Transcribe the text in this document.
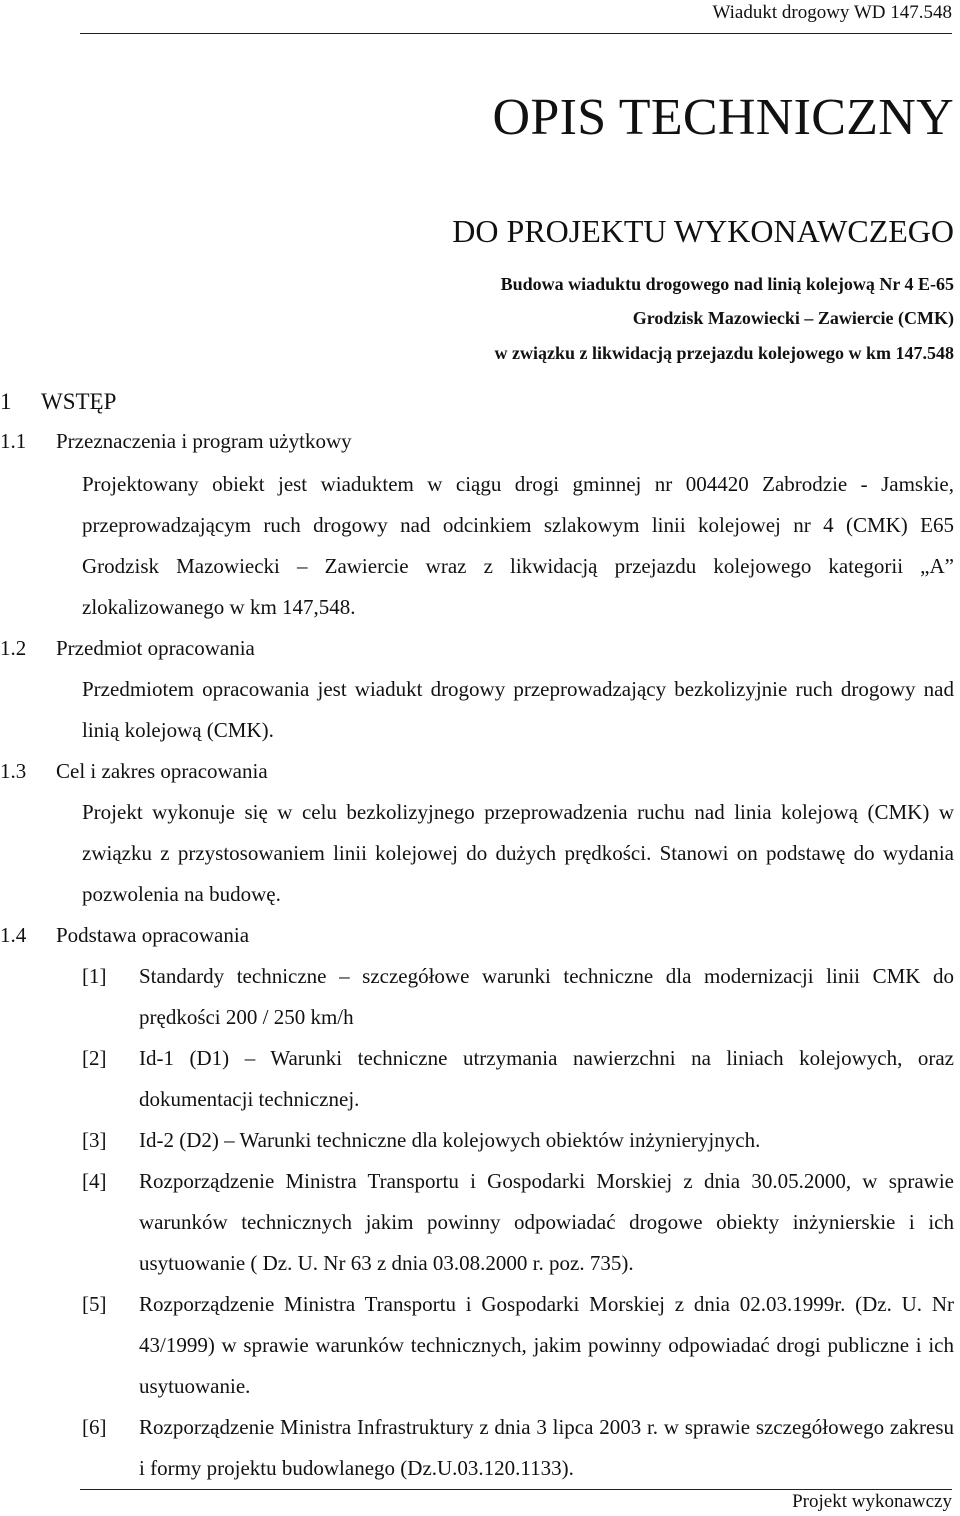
Wiadukt drogowy WD 147.548
OPIS TECHNICZNY
DO PROJEKTU WYKONAWCZEGO
Budowa wiaduktu drogowego nad linią kolejową Nr 4 E-65
Grodzisk Mazowiecki – Zawiercie (CMK)
w związku z likwidacją przejazdu kolejowego w km 147.548
1 WSTĘP
1.1 Przeznaczenia i program użytkowy
Projektowany obiekt jest wiaduktem w ciągu drogi gminnej nr 004420 Zabrodzie - Jamskie, przeprowadzającym ruch drogowy nad odcinkiem szlakowym linii kolejowej nr 4 (CMK) E65 Grodzisk Mazowiecki – Zawiercie wraz z likwidacją przejazdu kolejowego kategorii „A” zlokalizowanego w km 147,548.
1.2 Przedmiot opracowania
Przedmiotem opracowania jest wiadukt drogowy przeprowadzający bezkolizyjnie ruch drogowy nad linią kolejową (CMK).
1.3 Cel i zakres opracowania
Projekt wykonuje się w celu bezkolizyjnego przeprowadzenia ruchu nad linia kolejową (CMK) w związku z przystosowaniem linii kolejowej do dużych prędkości. Stanowi on podstawę do wydania pozwolenia na budowę.
1.4 Podstawa opracowania
[1] Standardy techniczne – szczegółowe warunki techniczne dla modernizacji linii CMK do prędkości 200 / 250 km/h
[2] Id-1 (D1) – Warunki techniczne utrzymania nawierzchni na liniach kolejowych, oraz dokumentacji technicznej.
[3] Id-2 (D2) – Warunki techniczne dla kolejowych obiektów inżynieryjnych.
[4] Rozporządzenie Ministra Transportu i Gospodarki Morskiej z dnia 30.05.2000, w sprawie warunków technicznych jakim powinny odpowiadać drogowe obiekty inżynierskie i ich usytuowanie ( Dz. U. Nr 63 z dnia 03.08.2000 r. poz. 735).
[5] Rozporządzenie Ministra Transportu i Gospodarki Morskiej z dnia 02.03.1999r. (Dz. U. Nr 43/1999) w sprawie warunków technicznych, jakim powinny odpowiadać drogi publiczne i ich usytuowanie.
[6] Rozporządzenie Ministra Infrastruktury z dnia 3 lipca 2003 r. w sprawie szczegółowego zakresu i formy projektu budowlanego (Dz.U.03.120.1133).
Projekt wykonawczy
